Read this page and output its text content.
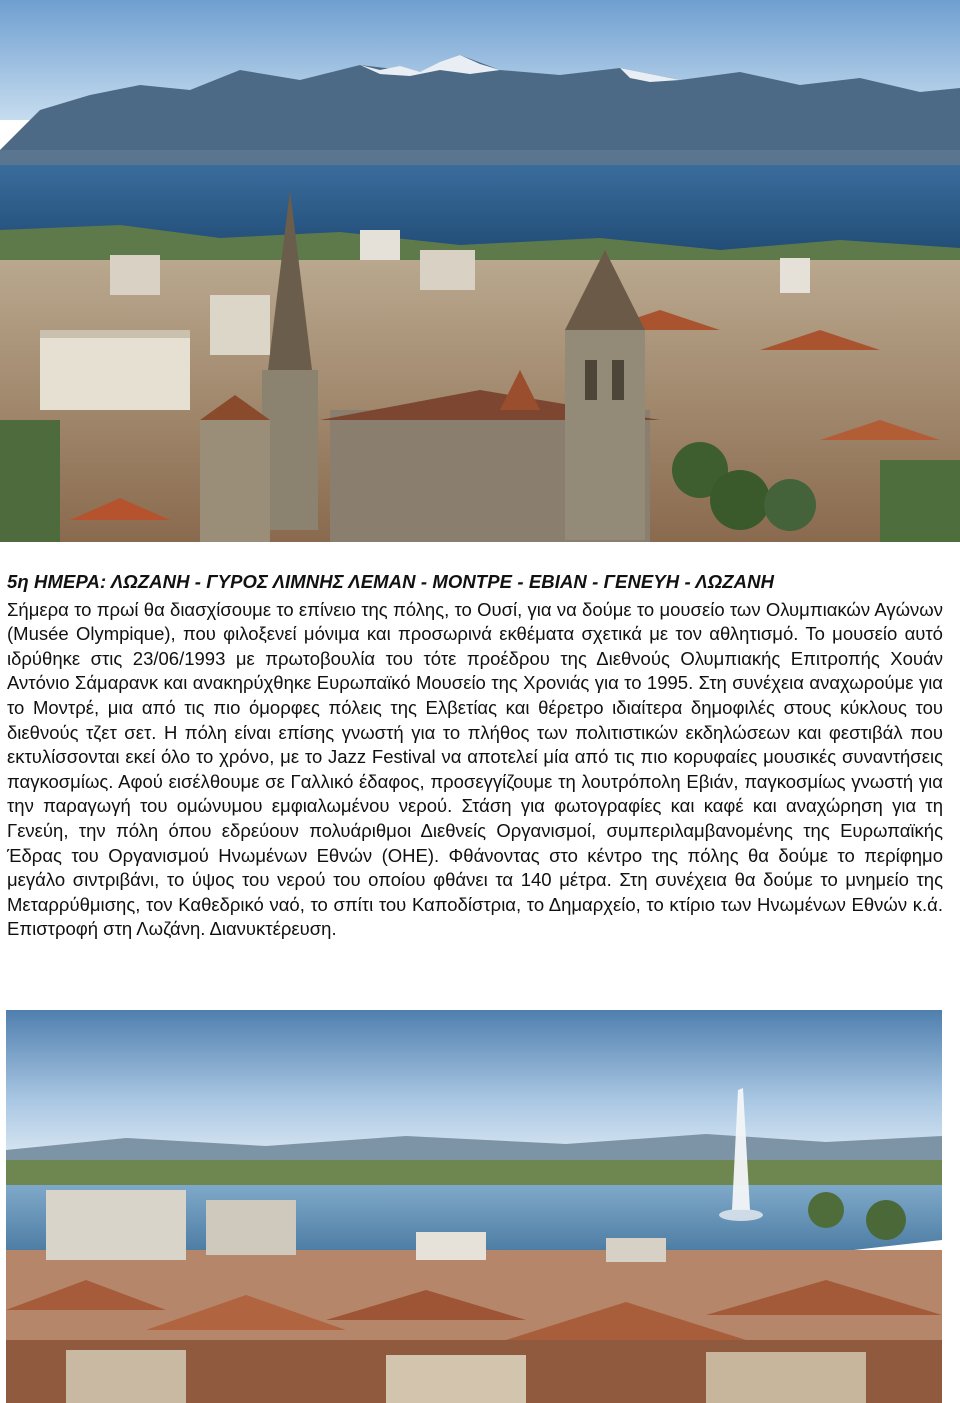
5η ΗΜΕΡΑ: ΛΩΖΑΝΗ - ΓΥΡΟΣ ΛΙΜΝΗΣ ΛΕΜΑΝ - ΜΟΝΤΡΕ - ΕΒΙΑΝ - ΓΕΝΕΥΗ - ΛΩΖΑΝΗ

Σήμερα το πρωί θα διασχίσουμε το επίνειο της πόλης, το Ουσί, για να δούμε το μουσείο των Ολυμπιακών Αγώνων (Musée Olympique), που φιλοξενεί μόνιμα και προσωρινά εκθέματα σχετικά με τον αθλητισμό. Το μουσείο αυτό ιδρύθηκε στις 23/06/1993 με πρωτοβουλία του τότε προέδρου της Διεθνούς Ολυμπιακής Επιτροπής Χουάν Αντόνιο Σάμαρανκ και ανακηρύχθηκε Ευρωπαϊκό Μουσείο της Χρονιάς για το 1995. Στη συνέχεια αναχωρούμε για το Μοντρέ, μια από τις πιο όμορφες πόλεις της Ελβετίας και θέρετρο ιδιαίτερα δημοφιλές στους κύκλους του διεθνούς τζετ σετ. Η πόλη είναι επίσης γνωστή για το πλήθος των πολιτιστικών εκδηλώσεων και φεστιβάλ που εκτυλίσσονται εκεί όλο το χρόνο, με το Jazz Festival να αποτελεί μία από τις πιο κορυφαίες μουσικές συναντήσεις παγκοσμίως. Αφού εισέλθουμε σε Γαλλικό έδαφος, προσεγγίζουμε τη λουτρόπολη Εβιάν, παγκοσμίως γνωστή για την παραγωγή του ομώνυμου εμφιαλωμένου νερού. Στάση για φωτογραφίες και καφέ και αναχώρηση για τη Γενεύη, την πόλη όπου εδρεύουν πολυάριθμοι Διεθνείς Οργανισμοί, συμπεριλαμβανομένης της Ευρωπαϊκής Έδρας του Οργανισμού Ηνωμένων Εθνών (ΟΗΕ). Φθάνοντας στο κέντρο της πόλης θα δούμε το περίφημο μεγάλο σιντριβάνι, το ύψος του νερού του οποίου φθάνει τα 140 μέτρα. Στη συνέχεια θα δούμε το μνημείο της Μεταρρύθμισης, τον Καθεδρικό ναό, το σπίτι του Καποδίστρια, το Δημαρχείο, το κτίριο των Ηνωμένων Εθνών κ.ά. Επιστροφή στη Λωζάνη. Διανυκτέρευση.
